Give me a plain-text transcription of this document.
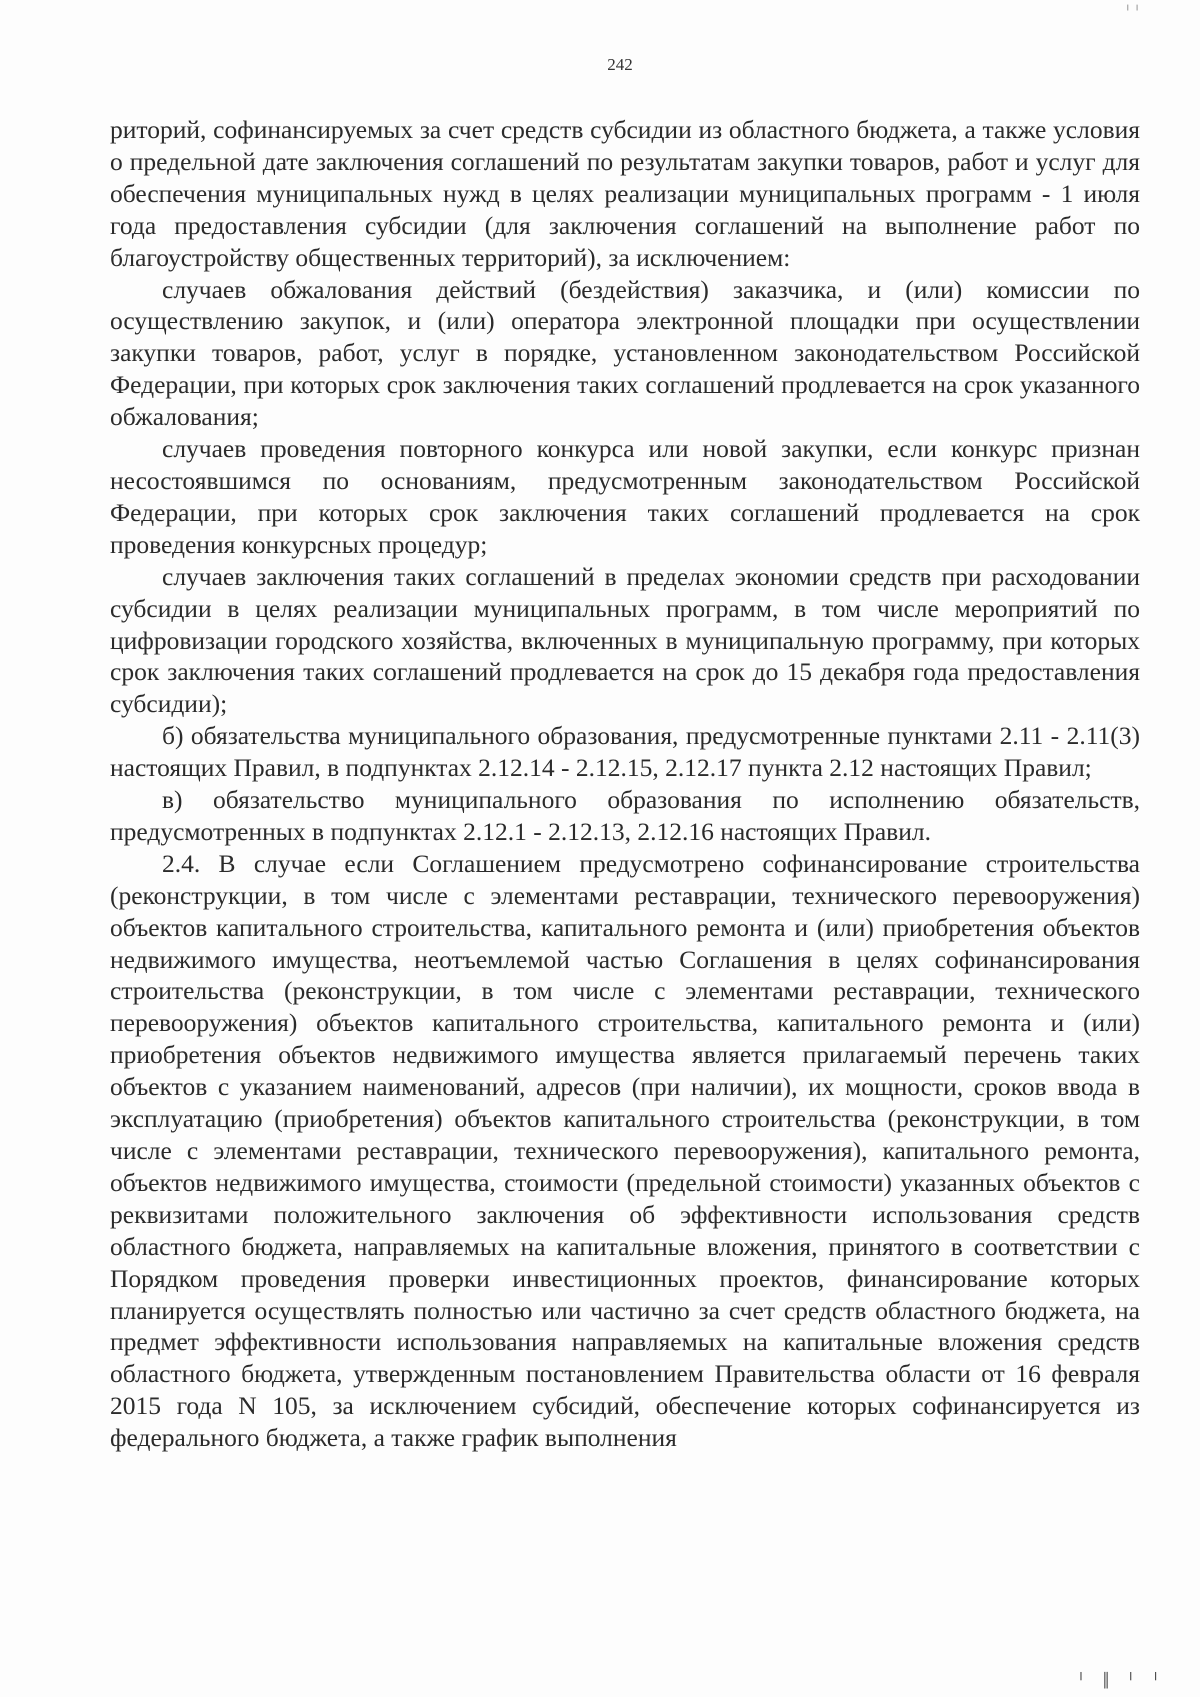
242

риторий, софинансируемых за счет средств субсидии из областного бюджета, а также условия о предельной дате заключения соглашений по результатам закупки товаров, работ и услуг для обеспечения муниципальных нужд в целях реализации муниципальных программ - 1 июля года предоставления субсидии (для заключения соглашений на выполнение работ по благоустройству общественных территорий), за исключением:

случаев обжалования действий (бездействия) заказчика, и (или) комиссии по осуществлению закупок, и (или) оператора электронной площадки при осуществлении закупки товаров, работ, услуг в порядке, установленном законодательством Российской Федерации, при которых срок заключения таких соглашений продлевается на срок указанного обжалования;

случаев проведения повторного конкурса или новой закупки, если конкурс признан несостоявшимся по основаниям, предусмотренным законодательством Российской Федерации, при которых срок заключения таких соглашений продлевается на срок проведения конкурсных процедур;

случаев заключения таких соглашений в пределах экономии средств при расходовании субсидии в целях реализации муниципальных программ, в том числе мероприятий по цифровизации городского хозяйства, включенных в муниципальную программу, при которых срок заключения таких соглашений продлевается на срок до 15 декабря года предоставления субсидии);

б) обязательства муниципального образования, предусмотренные пунктами 2.11 - 2.11(3) настоящих Правил, в подпунктах 2.12.14 - 2.12.15, 2.12.17 пункта 2.12 настоящих Правил;

в) обязательство муниципального образования по исполнению обязательств, предусмотренных в подпунктах 2.12.1 - 2.12.13, 2.12.16 настоящих Правил.

2.4. В случае если Соглашением предусмотрено софинансирование строительства (реконструкции, в том числе с элементами реставрации, технического перевооружения) объектов капитального строительства, капитального ремонта и (или) приобретения объектов недвижимого имущества, неотъемлемой частью Соглашения в целях софинансирования строительства (реконструкции, в том числе с элементами реставрации, технического перевооружения) объектов капитального строительства, капитального ремонта и (или) приобретения объектов недвижимого имущества является прилагаемый перечень таких объектов с указанием наименований, адресов (при наличии), их мощности, сроков ввода в эксплуатацию (приобретения) объектов капитального строительства (реконструкции, в том числе с элементами реставрации, технического перевооружения), капитального ремонта, объектов недвижимого имущества, стоимости (предельной стоимости) указанных объектов с реквизитами положительного заключения об эффективности использования средств областного бюджета, направляемых на капитальные вложения, принятого в соответствии с Порядком проведения проверки инвестиционных проектов, финансирование которых планируется осуществлять полностью или частично за счет средств областного бюджета, на предмет эффективности использования направляемых на капитальные вложения средств областного бюджета, утвержденным постановлением Правительства области от 16 февраля 2015 года N 105, за исключением субсидий, обеспечение которых софинансируется из федерального бюджета, а также график выполнения

╷ ╷
╵ ║ ╵ ╵
